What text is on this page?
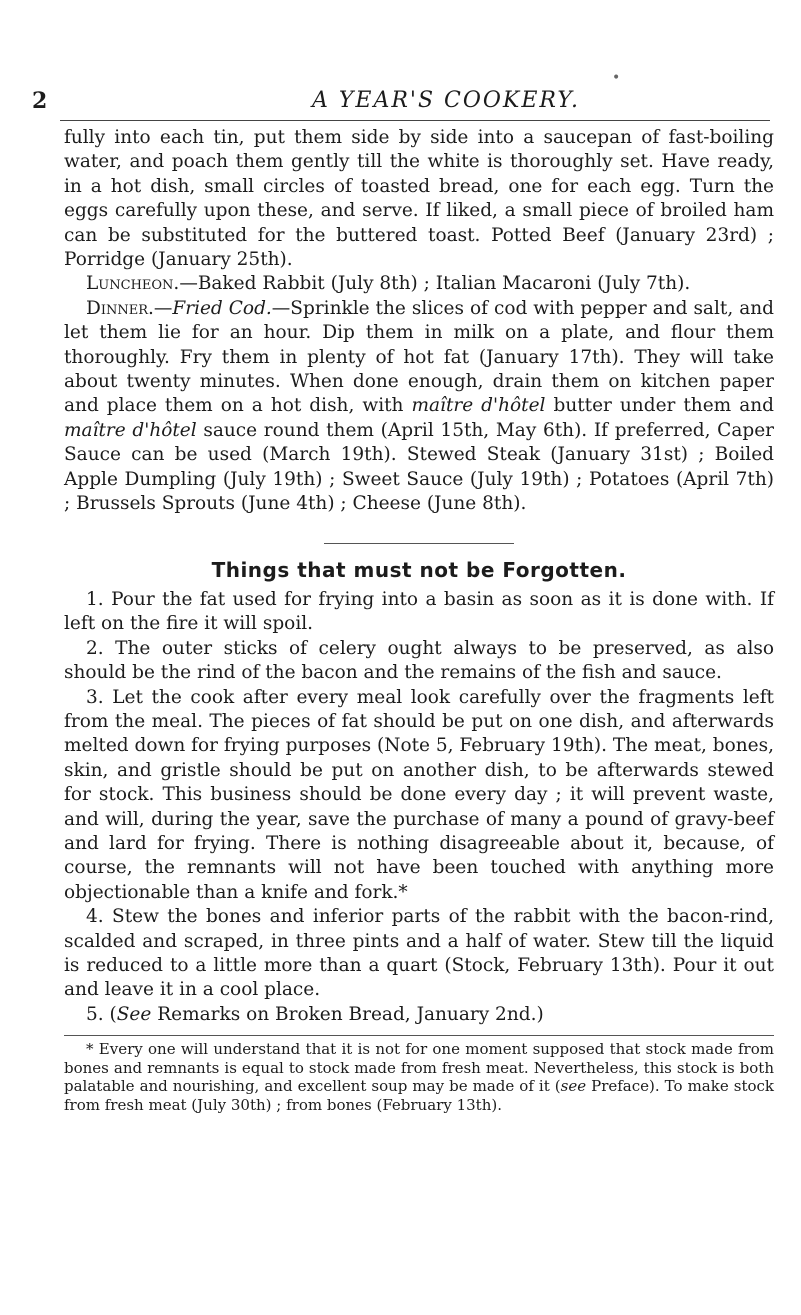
•
2	A YEAR'S COOKERY.

fully into each tin, put them side by side into a saucepan of fast-boiling water, and poach them gently till the white is thoroughly set. Have ready, in a hot dish, small circles of toasted bread, one for each egg. Turn the eggs carefully upon these, and serve. If liked, a small piece of broiled ham can be substituted for the buttered toast. Potted Beef (January 23rd) ; Porridge (January 25th).

Luncheon.—Baked Rabbit (July 8th) ; Italian Macaroni (July 7th).

Dinner.—Fried Cod.—Sprinkle the slices of cod with pepper and salt, and let them lie for an hour. Dip them in milk on a plate, and flour them thoroughly. Fry them in plenty of hot fat (January 17th). They will take about twenty minutes. When done enough, drain them on kitchen paper and place them on a hot dish, with maître d'hôtel butter under them and maître d'hôtel sauce round them (April 15th, May 6th). If preferred, Caper Sauce can be used (March 19th). Stewed Steak (January 31st) ; Boiled Apple Dumpling (July 19th) ; Sweet Sauce (July 19th) ; Potatoes (April 7th) ; Brussels Sprouts (June 4th) ; Cheese (June 8th).

Things that must not be Forgotten.

1. Pour the fat used for frying into a basin as soon as it is done with. If left on the fire it will spoil.

2. The outer sticks of celery ought always to be preserved, as also should be the rind of the bacon and the remains of the fish and sauce.

3. Let the cook after every meal look carefully over the fragments left from the meal. The pieces of fat should be put on one dish, and afterwards melted down for frying purposes (Note 5, February 19th). The meat, bones, skin, and gristle should be put on another dish, to be afterwards stewed for stock. This business should be done every day ; it will prevent waste, and will, during the year, save the purchase of many a pound of gravy-beef and lard for frying. There is nothing disagreeable about it, because, of course, the remnants will not have been touched with anything more objectionable than a knife and fork.*

4. Stew the bones and inferior parts of the rabbit with the bacon-rind, scalded and scraped, in three pints and a half of water. Stew till the liquid is reduced to a little more than a quart (Stock, February 13th). Pour it out and leave it in a cool place.

5. (See Remarks on Broken Bread, January 2nd.)

* Every one will understand that it is not for one moment supposed that stock made from bones and remnants is equal to stock made from fresh meat. Nevertheless, this stock is both palatable and nourishing, and excellent soup may be made of it (see Preface). To make stock from fresh meat (July 30th) ; from bones (February 13th).
